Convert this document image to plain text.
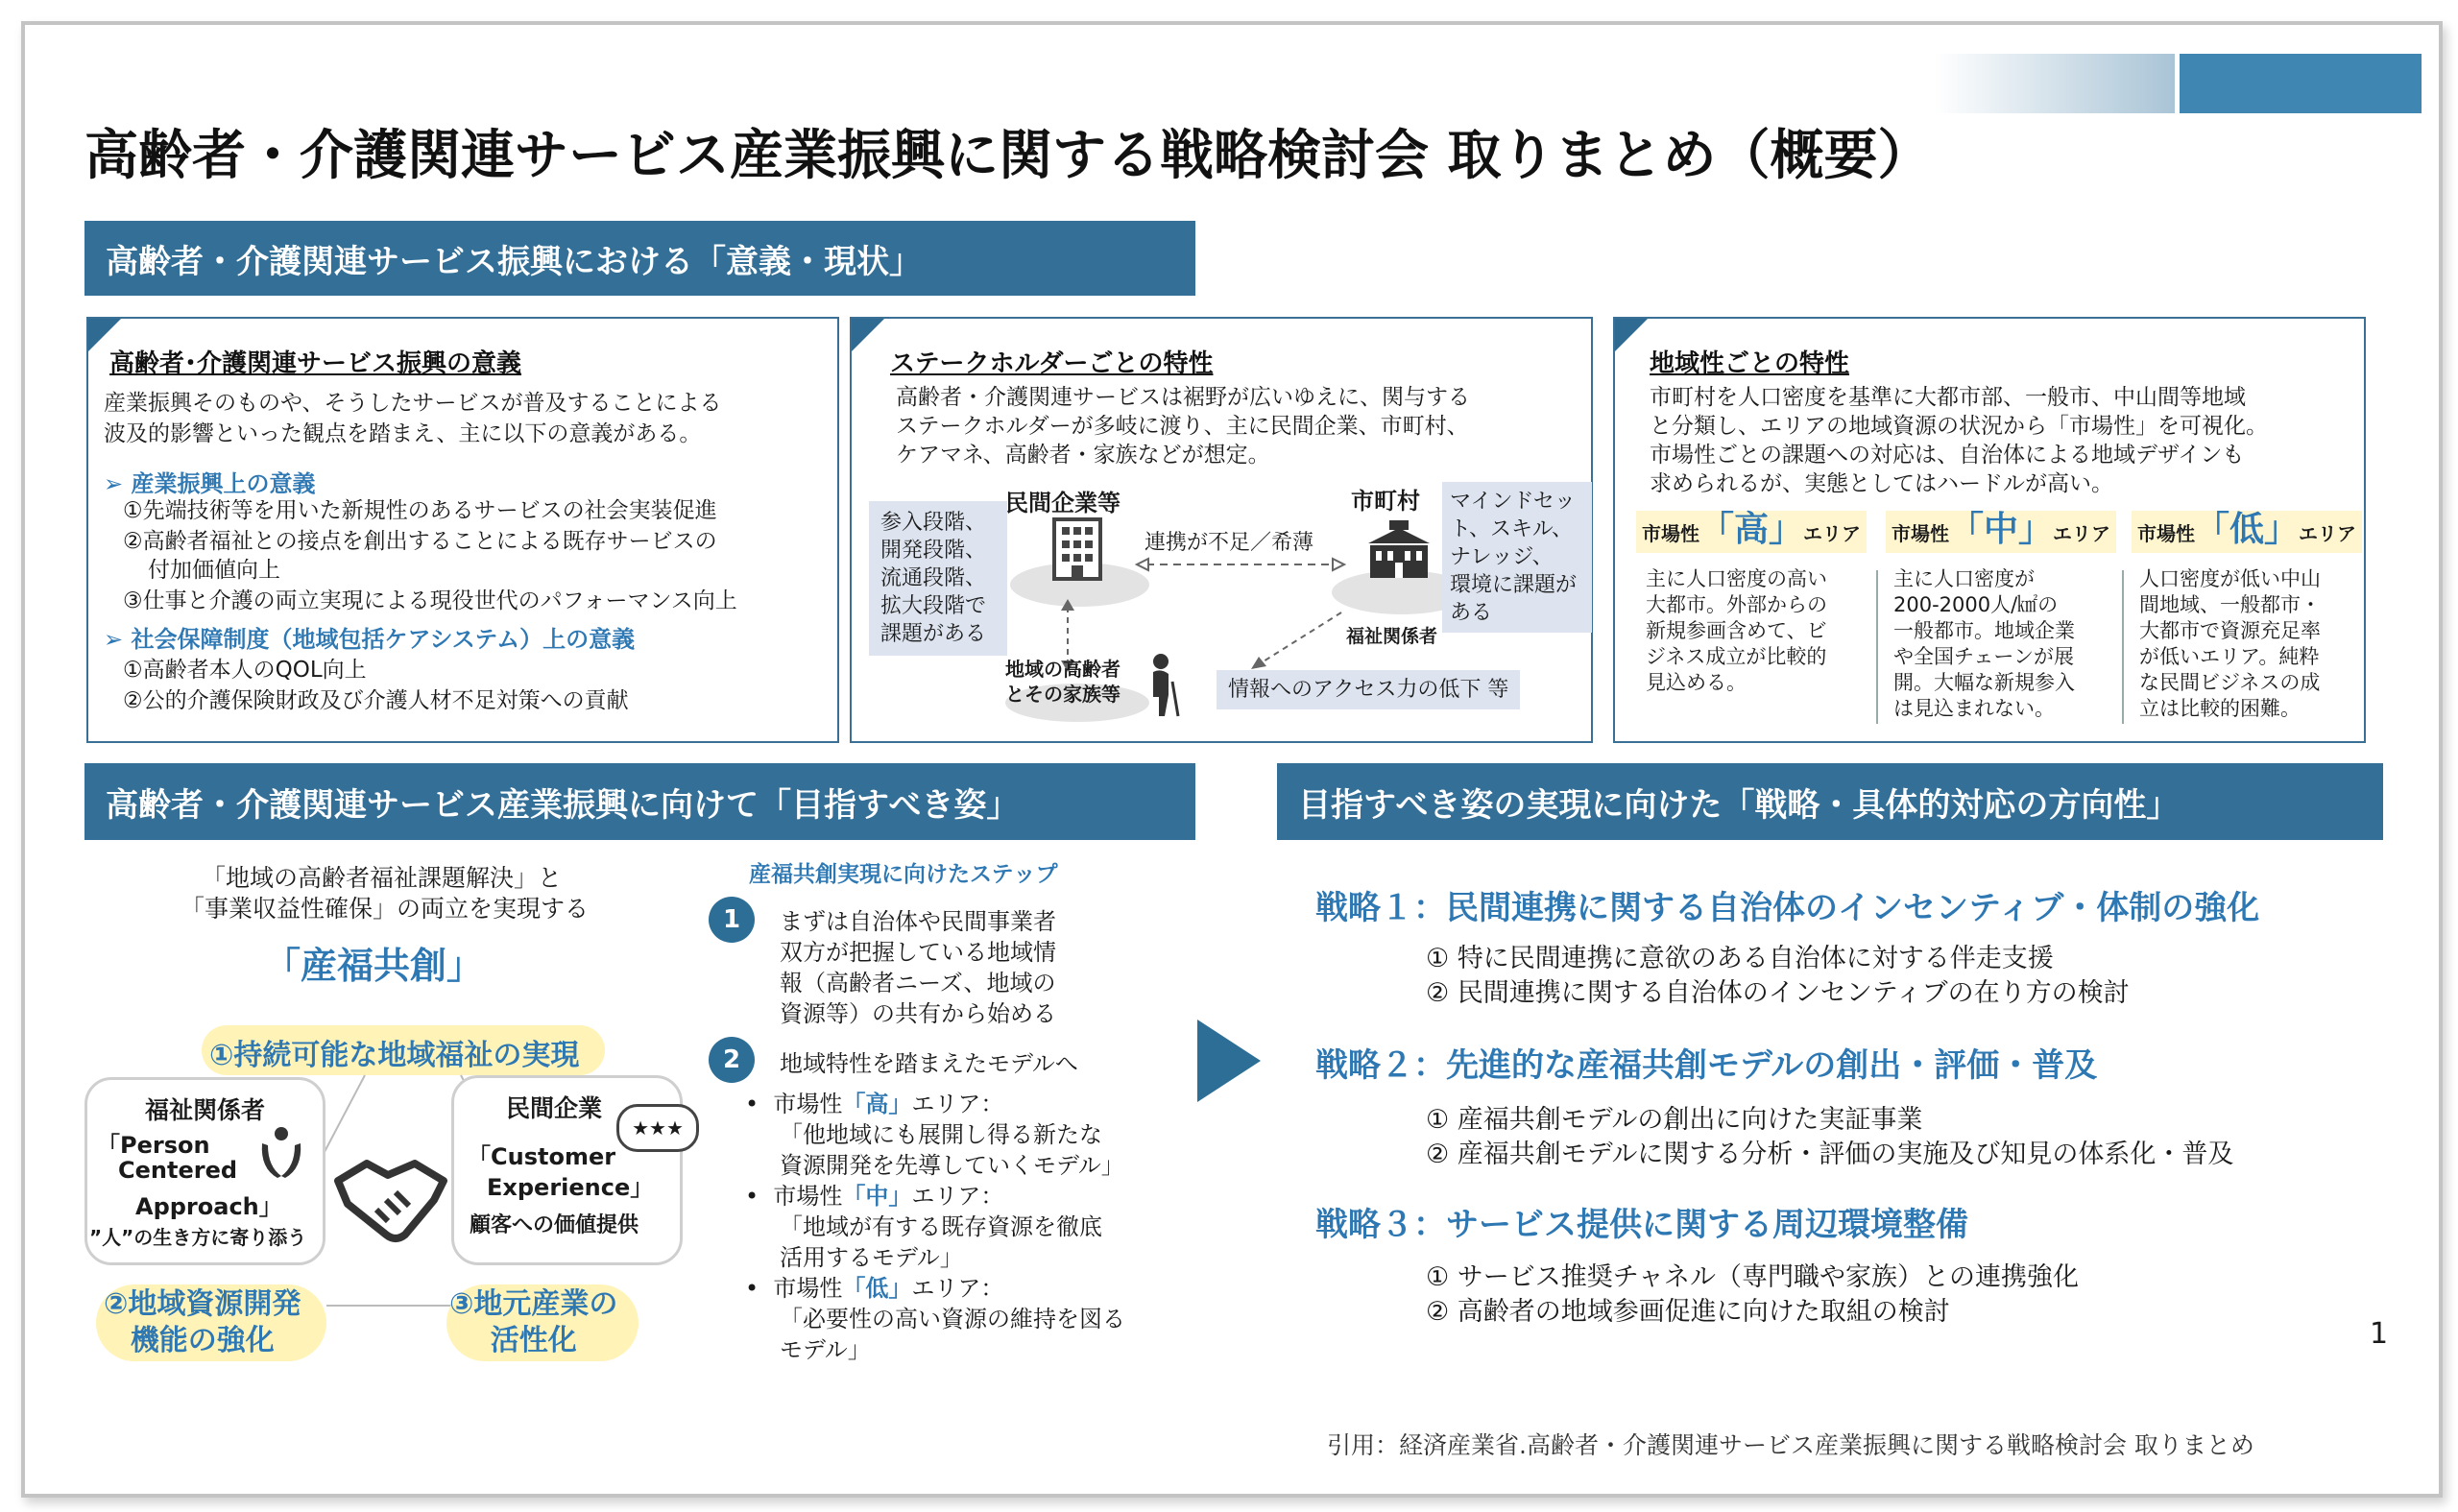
高齢者・介護関連サービス産業振興に関する戦略検討会 取りまとめ（概要）
高齢者・介護関連サービス振興における「意義・現状」
高齢者･介護関連サービス振興の意義
産業振興そのものや、そうしたサービスが普及することによる
波及的影響といった観点を踏まえ、主に以下の意義がある。
➢ 産業振興上の意義
①先端技術等を用いた新規性のあるサービスの社会実装促進
②高齢者福祉との接点を創出することによる既存サービスの
付加価値向上
③仕事と介護の両立実現による現役世代のパフォーマンス向上
➢ 社会保障制度（地域包括ケアシステム）上の意義
①高齢者本人のQOL向上
②公的介護保険財政及び介護人材不足対策への貢献
ステークホルダーごとの特性
高齢者・介護関連サービスは裾野が広いゆえに、関与する
ステークホルダーが多岐に渡り、主に民間企業、市町村、
ケアマネ、高齢者・家族などが想定。
参入段階、
開発段階、
流通段階、
拡大段階で
課題がある
民間企業等
連携が不足／希薄
市町村
福祉関係者
マインドセッ
ト、スキル、
ナレッジ、
環境に課題が
ある
地域の高齢者
とその家族等	情報へのアクセス力の低下 等
地域性ごとの特性
市町村を人口密度を基準に大都市部、一般市、中山間等地域
と分類し、エリアの地域資源の状況から「市場性」を可視化。
市場性ごとの課題への対応は、自治体による地域デザインも
求められるが、実態としてはハードルが高い。
市場性「高」エリア	市場性「中」エリア	市場性「低」エリア
主に人口密度の高い
大都市。外部からの
新規参画含めて、ビ
ジネス成立が比較的
見込める。
主に人口密度が
200-2000人/㎢の
一般都市。地域企業
や全国チェーンが展
開。大幅な新規参入
は見込まれない。
人口密度が低い中山
間地域、一般都市・
大都市で資源充足率
が低いエリア。純粋
な民間ビジネスの成
立は比較的困難。
高齢者・介護関連サービス産業振興に向けて「目指すべき姿」
「地域の高齢者福祉課題解決」と
「事業収益性確保」の両立を実現する
「産福共創」
①持続可能な地域福祉の実現
福祉関係者
「Person
Centered
Approach」
”人”の生き方に寄り添う
民間企業
「Customer
Experience」
顧客への価値提供
★★★
②地域資源開発
機能の強化
③地元産業の
活性化
産福共創実現に向けたステップ
1	まずは自治体や民間事業者
双方が把握している地域情
報（高齢者ニーズ、地域の
資源等）の共有から始める
2	地域特性を踏まえたモデルへ
•  市場性「高」エリア：
「他地域にも展開し得る新たな
資源開発を先導していくモデル」
•  市場性「中」エリア：
「地域が有する既存資源を徹底
活用するモデル」
•  市場性「低」エリア：
「必要性の高い資源の維持を図る
モデル」
目指すべき姿の実現に向けた「戦略・具体的対応の方向性」
戦略１：民間連携に関する自治体のインセンティブ・体制の強化
① 特に民間連携に意欲のある自治体に対する伴走支援
② 民間連携に関する自治体のインセンティブの在り方の検討
戦略２：先進的な産福共創モデルの創出・評価・普及
① 産福共創モデルの創出に向けた実証事業
② 産福共創モデルに関する分析・評価の実施及び知見の体系化・普及
戦略３：サービス提供に関する周辺環境整備
① サービス推奨チャネル（専門職や家族）との連携強化
② 高齢者の地域参画促進に向けた取組の検討
1
引用：経済産業省.高齢者・介護関連サービス産業振興に関する戦略検討会 取りまとめ
